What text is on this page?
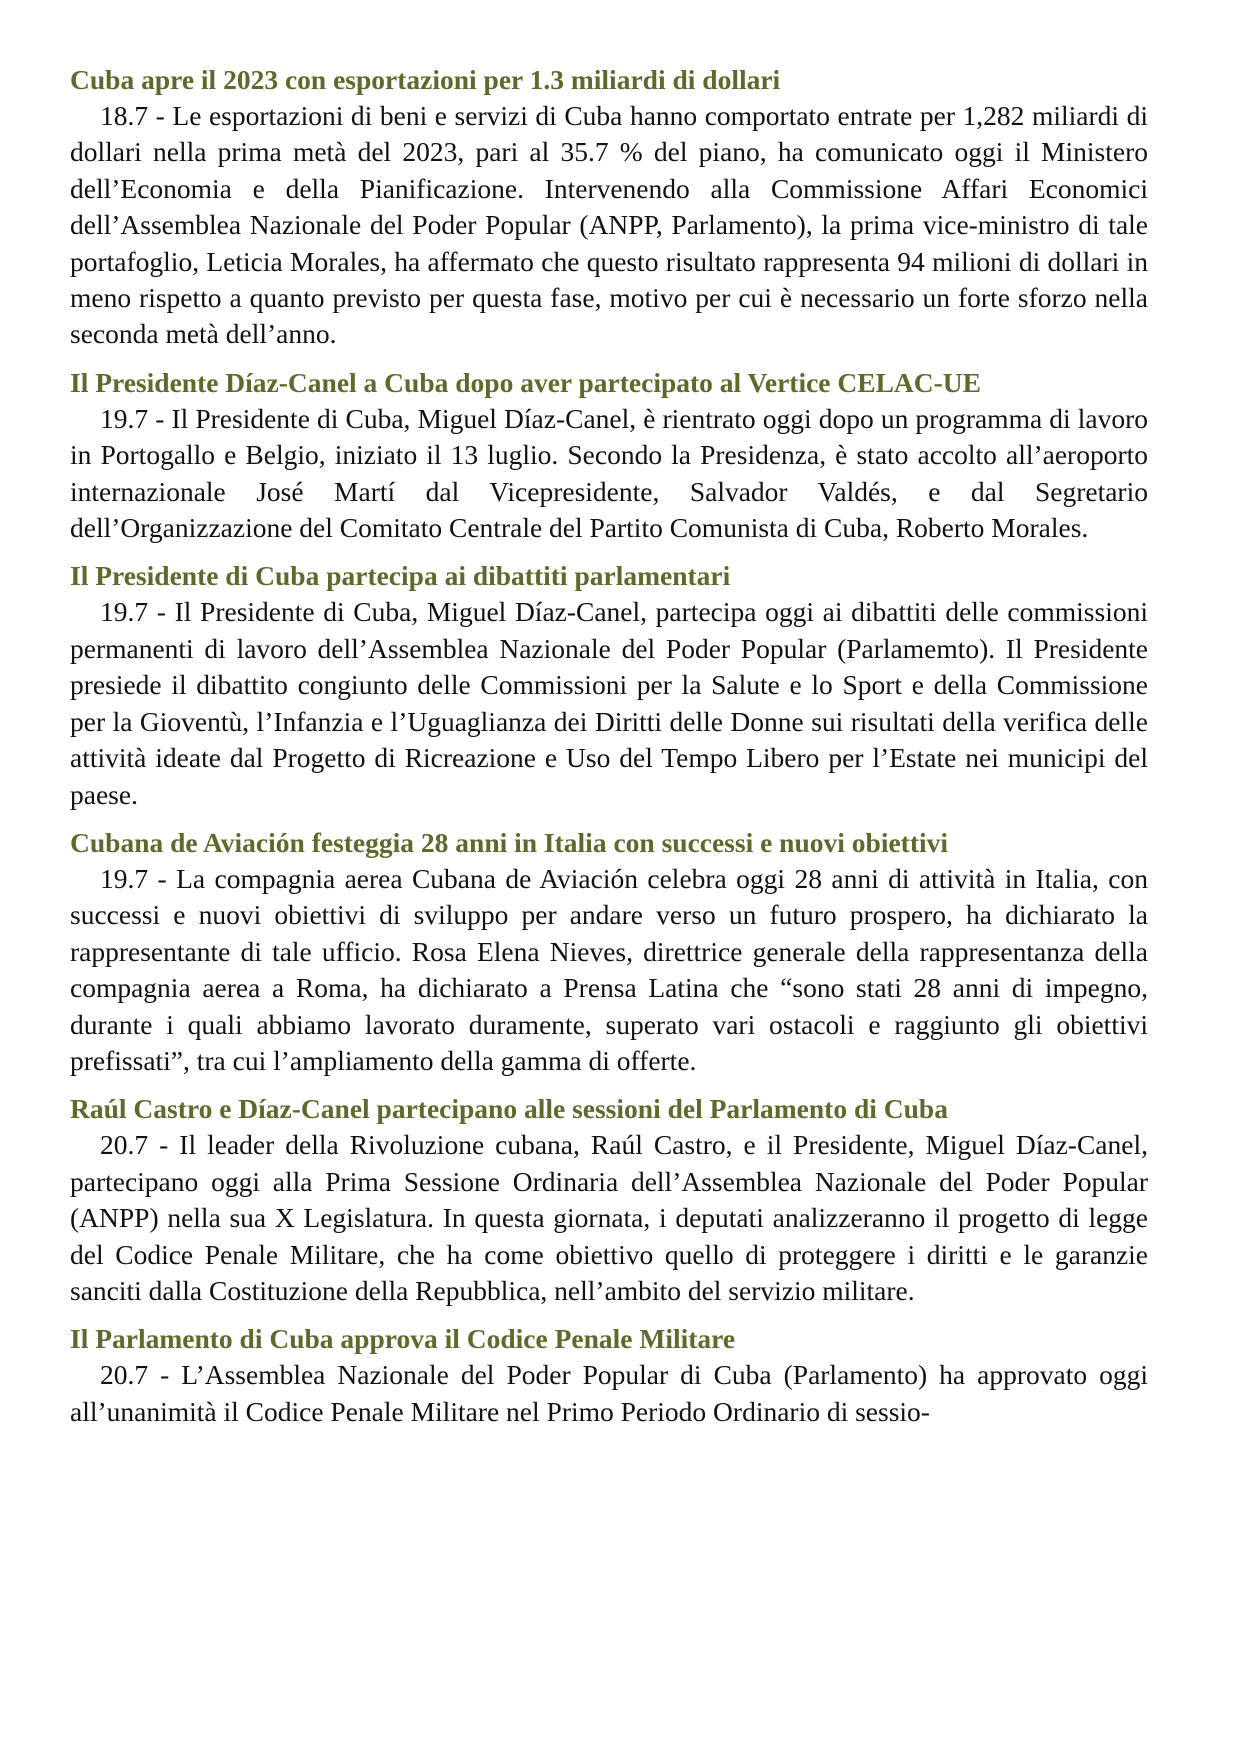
Cuba apre il 2023 con esportazioni per 1.3 miliardi di dollari

18.7 - Le esportazioni di beni e servizi di Cuba hanno comportato entrate per 1,282 miliardi di dollari nella prima metà del 2023, pari al 35.7 % del piano, ha comunicato oggi il Ministero dell’Economia e della Pianificazione. Intervenendo alla Commissione Affari Economici dell’Assemblea Nazionale del Poder Popular (ANPP, Parlamento), la prima vice-ministro di tale portafoglio, Leticia Morales, ha affermato che questo risultato rappresenta 94 milioni di dollari in meno rispetto a quanto previsto per questa fase, motivo per cui è necessario un forte sforzo nella seconda metà dell’anno.

Il Presidente Díaz-Canel a Cuba dopo aver partecipato al Vertice CELAC-UE

19.7 - Il Presidente di Cuba, Miguel Díaz-Canel, è rientrato oggi dopo un programma di lavoro in Portogallo e Belgio, iniziato il 13 luglio. Secondo la Presidenza, è stato accolto all’aeroporto internazionale José Martí dal Vicepresidente, Salvador Valdés, e dal Segretario dell’Organizzazione del Comitato Centrale del Partito Comunista di Cuba, Roberto Morales.

Il Presidente di Cuba partecipa ai dibattiti parlamentari

19.7 - Il Presidente di Cuba, Miguel Díaz-Canel, partecipa oggi ai dibattiti delle commissioni permanenti di lavoro dell’Assemblea Nazionale del Poder Popular (Parlamemto). Il Presidente presiede il dibattito congiunto delle Commissioni per la Salute e lo Sport e della Commissione per la Gioventù, l’Infanzia e l’Uguaglianza dei Diritti delle Donne sui risultati della verifica delle attività ideate dal Progetto di Ricreazione e Uso del Tempo Libero per l’Estate nei municipi del paese.

Cubana de Aviación festeggia 28 anni in Italia con successi e nuovi obiettivi

19.7 - La compagnia aerea Cubana de Aviación celebra oggi 28 anni di attività in Italia, con successi e nuovi obiettivi di sviluppo per andare verso un futuro prospero, ha dichiarato la rappresentante di tale ufficio. Rosa Elena Nieves, direttrice generale della rappresentanza della compagnia aerea a Roma, ha dichiarato a Prensa Latina che “sono stati 28 anni di impegno, durante i quali abbiamo lavorato duramente, superato vari ostacoli e raggiunto gli obiettivi prefissati”, tra cui l’ampliamento della gamma di offerte.

Raúl Castro e Díaz-Canel partecipano alle sessioni del Parlamento di Cuba

20.7 - Il leader della Rivoluzione cubana, Raúl Castro, e il Presidente, Miguel Díaz-Canel, partecipano oggi alla Prima Sessione Ordinaria dell’Assemblea Nazionale del Poder Popular (ANPP) nella sua X Legislatura. In questa giornata, i deputati analizzeranno il progetto di legge del Codice Penale Militare, che ha come obiettivo quello di proteggere i diritti e le garanzie sanciti dalla Costituzione della Repubblica, nell’ambito del servizio militare.

Il Parlamento di Cuba approva il Codice Penale Militare

20.7 - L’Assemblea Nazionale del Poder Popular di Cuba (Parlamento) ha approvato oggi all’unanimità il Codice Penale Militare nel Primo Periodo Ordinario di sessio-
